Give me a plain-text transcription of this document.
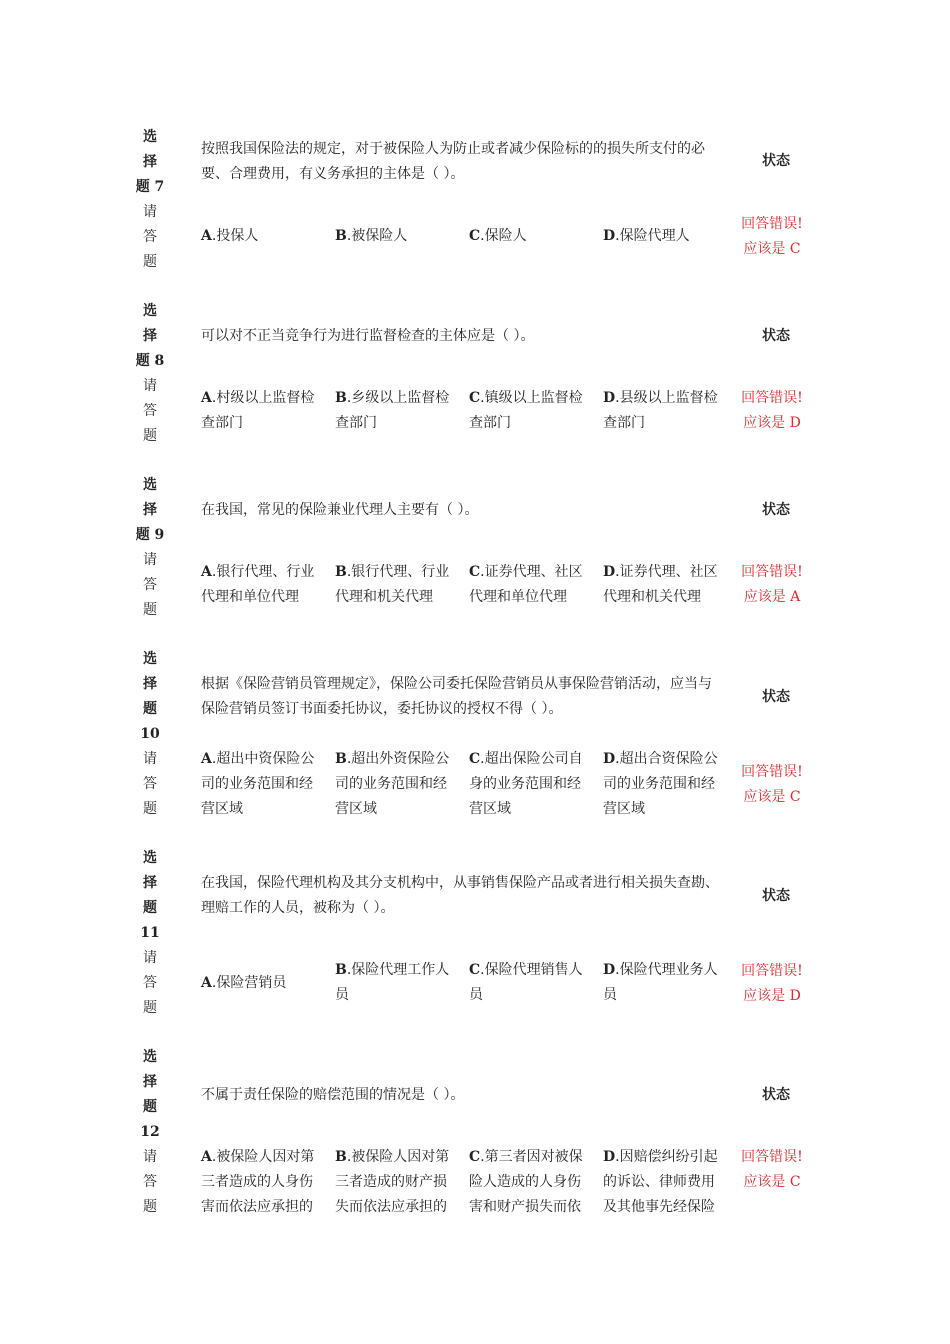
选
择
题 7
请
答
题
按照我国保险法的规定，对于被保险人为防止或者减少保险标的的损失所支付的必要、合理费用，有义务承担的主体是（ ）。
状态
A.投保人	B.被保险人	C.保险人	D.保险代理人
回答错误!
应该是 C
选
择
题 8
请
答
题
可以对不正当竞争行为进行监督检查的主体应是（ ）。	状态
A.村级以上监督检查部门
B.乡级以上监督检查部门
C.镇级以上监督检查部门
D.县级以上监督检查部门
回答错误!
应该是 D
选
择
题 9
请
答
题
在我国，常见的保险兼业代理人主要有（ ）。	状态
A.银行代理、行业代理和单位代理
B.银行代理、行业代理和机关代理
C.证券代理、社区代理和单位代理
D.证券代理、社区代理和机关代理
回答错误!
应该是 A
选
择
题
10
请
答
题
根据《保险营销员管理规定》，保险公司委托保险营销员从事保险营销活动，应当与保险营销员签订书面委托协议，委托协议的授权不得（ ）。
状态
A.超出中资保险公司的业务范围和经营区域
B.超出外资保险公司的业务范围和经营区域
C.超出保险公司自身的业务范围和经营区域
D.超出合资保险公司的业务范围和经营区域
回答错误!
应该是 C
选
择
题
11
请
答
题
在我国，保险代理机构及其分支机构中，从事销售保险产品或者进行相关损失查勘、理赔工作的人员，被称为（ ）。
状态
A.保险营销员
B.保险代理工作人员
C.保险代理销售人员
D.保险代理业务人员
回答错误!
应该是 D
选
择
题
12
请
答
题
不属于责任保险的赔偿范围的情况是（ ）。	状态
A.被保险人因对第三者造成的人身伤害而依法应承担的
B.被保险人因对第三者造成的财产损失而依法应承担的
C.第三者因对被保险人造成的人身伤害和财产损失而依
D.因赔偿纠纷引起的诉讼、律师费用及其他事先经保险
回答错误!
应该是 C
